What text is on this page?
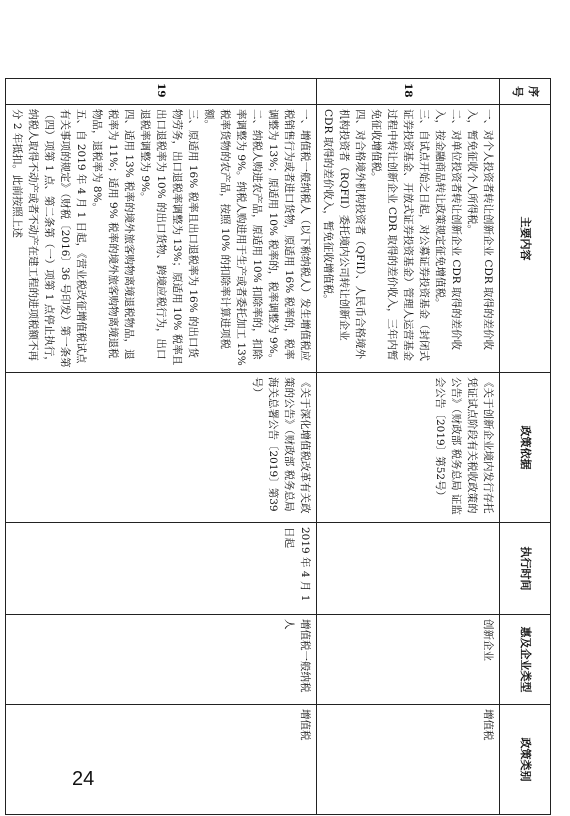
序号	主要内容	政策依据	执行时间	惠及企业类型	政策类别
18	一、对个人投资者转让创新企业 CDR 取得的差价收入，暂免征收个人所得税。

二、对单位投资者转让创新企业 CDR 取得的差价收入，按金融商品转让政策规定征免增值税。

三、自试点开始之日起，对公募证券投资基金（封闭式证券投资基金、开放式证券投资基金）管理人运营基金过程中转让创新企业 CDR 取得的差价收入，三年内暂免征收增值税。

四、对合格境外机构投资者（QFII）、人民币合格境外机构投资者（RQFII）委托境内公司转让创新企业 CDR 取得的差价收入，暂免征收增值税。	《关于创新企业境内发行存托凭证试点阶段有关税收政策的公告》（财政部 税务总局 证监会公告〔2019〕第52号）		创新企业	增值税
19	一、增值税一般纳税人（以下称纳税人）发生增值税应税销售行为或者进口货物，原适用 16% 税率的，税率调整为 13%；原适用 10% 税率的，税率调整为 9%。

二、纳税人购进农产品，原适用 10% 扣除率的，扣除率调整为 9%。纳税人购进用于生产或者委托加工 13% 税率货物的农产品，按照 10% 的扣除率计算进项税额。

三、原适用 16% 税率且出口退税率为 16% 的出口货物劳务，出口退税率调整为 13%；原适用 10% 税率且出口退税率为 10% 的出口货物、跨境应税行为，出口退税率调整为 9%。

四、适用 13% 税率的境外旅客购物离境退税物品，退税率为 11%；适用 9% 税率的境外旅客购物离境退税物品，退税率为 8%。

五、自 2019 年 4 月 1 日起，《营业税改征增值税试点有关事项的规定》（财税〔2016〕36 号印发）第一条第（四）项第 1 点、第二条第（一）项第 1 点停止执行，纳税人取得不动产或者不动产在建工程的进项税额不再分 2 年抵扣。此前按照上述	《关于深化增值税改革有关政策的公告》（财政部 税务总局 海关总署公告〔2019〕第39号）	2019 年 4 月 1 日起	增值税一般纳税人	增值税
24
